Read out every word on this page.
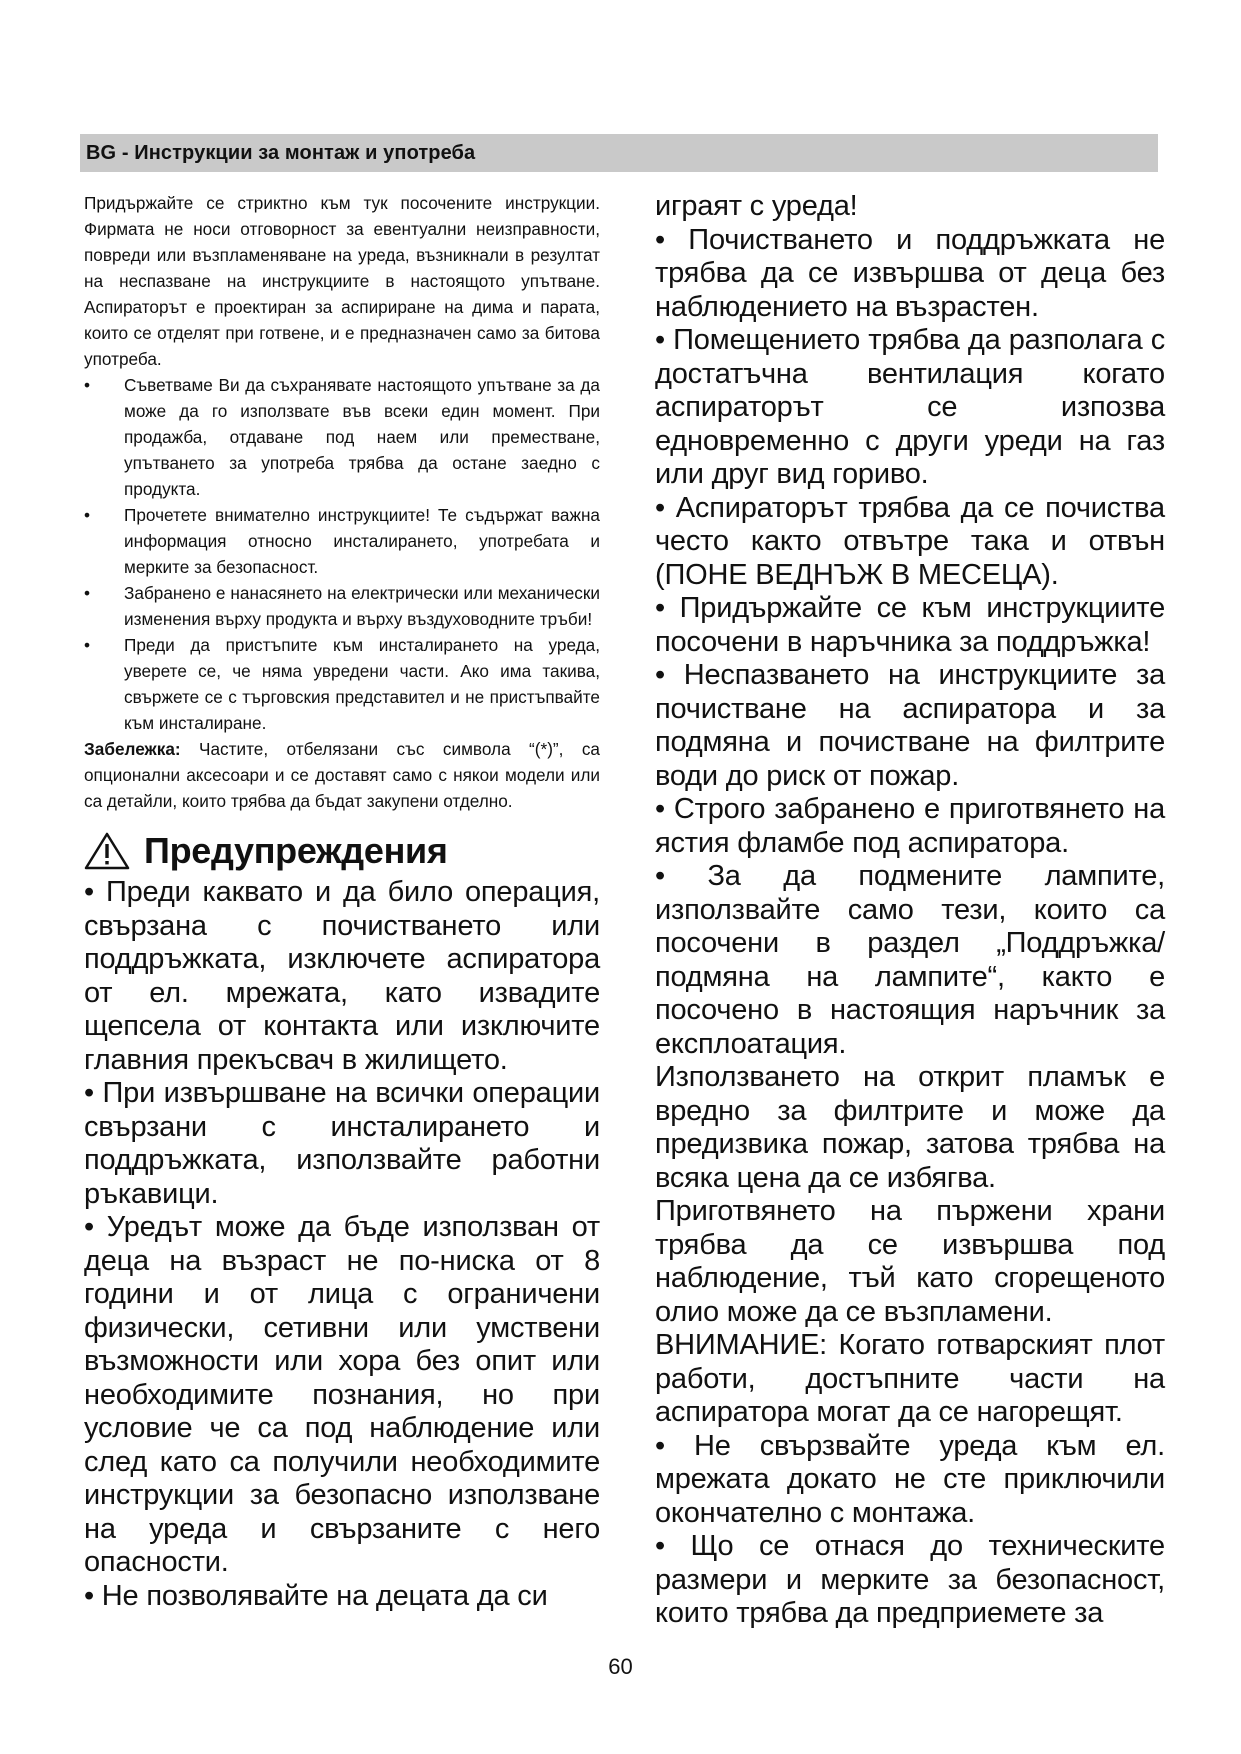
BG - Инструкции за монтаж и употреба

Придържайте се стриктно към тук посочените инструкции. Фирмата не носи отговорност за евентуални неизправности, повреди или възпламеняване на уреда, възникнали в резултат на неспазване на инструкциите в настоящото упътване. Аспираторът е проектиран за аспириране на дима и парата, които се отделят при готвене, и е предназначен само за битова употреба.

• Съветваме Ви да съхранявате настоящото упътване за да може да го използвате във всеки един момент. При продажба, отдаване под наем или преместване, упътването за употреба трябва да остане заедно с продукта.
• Прочетете внимателно инструкциите! Те съдържат важна информация относно инсталирането, употребата и мерките за безопасност.
• Забранено е нанасянето на електрически или механически изменения върху продукта и върху въздуховодните тръби!
• Преди да пристъпите към инсталирането на уреда, уверете се, че няма увредени части. Ако има такива, свържете се с търговския представител и не пристъпвайте към инсталиране.

Забележка: Частите, отбелязани със символа “(*)”, са опционални аксесоари и се доставят само с някои модели или са детайли, които трябва да бъдат закупени отделно.

Предупреждения

• Преди каквато и да било операция, свързана с почистването или поддръжката, изключете аспиратора от ел. мрежата, като извадите щепсела от контакта или изключите главния прекъсвач в жилището.

• При извършване на всички операции свързани с инсталирането и поддръжката, използвайте работни ръкавици.

• Уредът може да бъде използван от деца на възраст не по-ниска от 8 години и от лица с ограничени физически, сетивни или умствени възможности или хора без опит или необходимите познания, но при условие че са под наблюдение или след като са получили необходимите инструкции за безопасно използване на уреда и свързаните с него опасности.

• Не позволявайте на децата да си

играят с уреда!

• Почистването и поддръжката не трябва да се извършва от деца без наблюдението на възрастен.

• Помещението трябва да разполага с достатъчна вентилация когато аспираторът се изпозва едновременно с други уреди на газ или друг вид гориво.

• Аспираторът трябва да се почиства често както отвътре така и отвън (ПОНЕ ВЕДНЪЖ В МЕСЕЦА).

• Придържайте се към инструкциите посочени в наръчника за поддръжка!

• Неспазването на инструкциите за почистване на аспиратора и за подмяна и почистване на филтрите води до риск от пожар.

• Строго забранено е приготвянето на ястия фламбе под аспиратора.

• За да подмените лампите, използвайте само тези, които са посочени в раздел „Поддръжка/подмяна на лампите“, както е посочено в настоящия наръчник за експлоатация.

Използването на открит пламък е вредно за филтрите и може да предизвика пожар, затова трябва на всяка цена да се избягва.

Приготвянето на пържени храни трябва да се извършва под наблюдение, тъй като сгорещеното олио може да се възпламени.

ВНИМАНИЕ: Когато готварският плот работи, достъпните части на аспиратора могат да се нагорещят.

• Не свързвайте уреда към ел. мрежата докато не сте приключили окончателно с монтажа.

• Що се отнася до техническите размери и мерките за безопасност, които трябва да предприемете за

60
